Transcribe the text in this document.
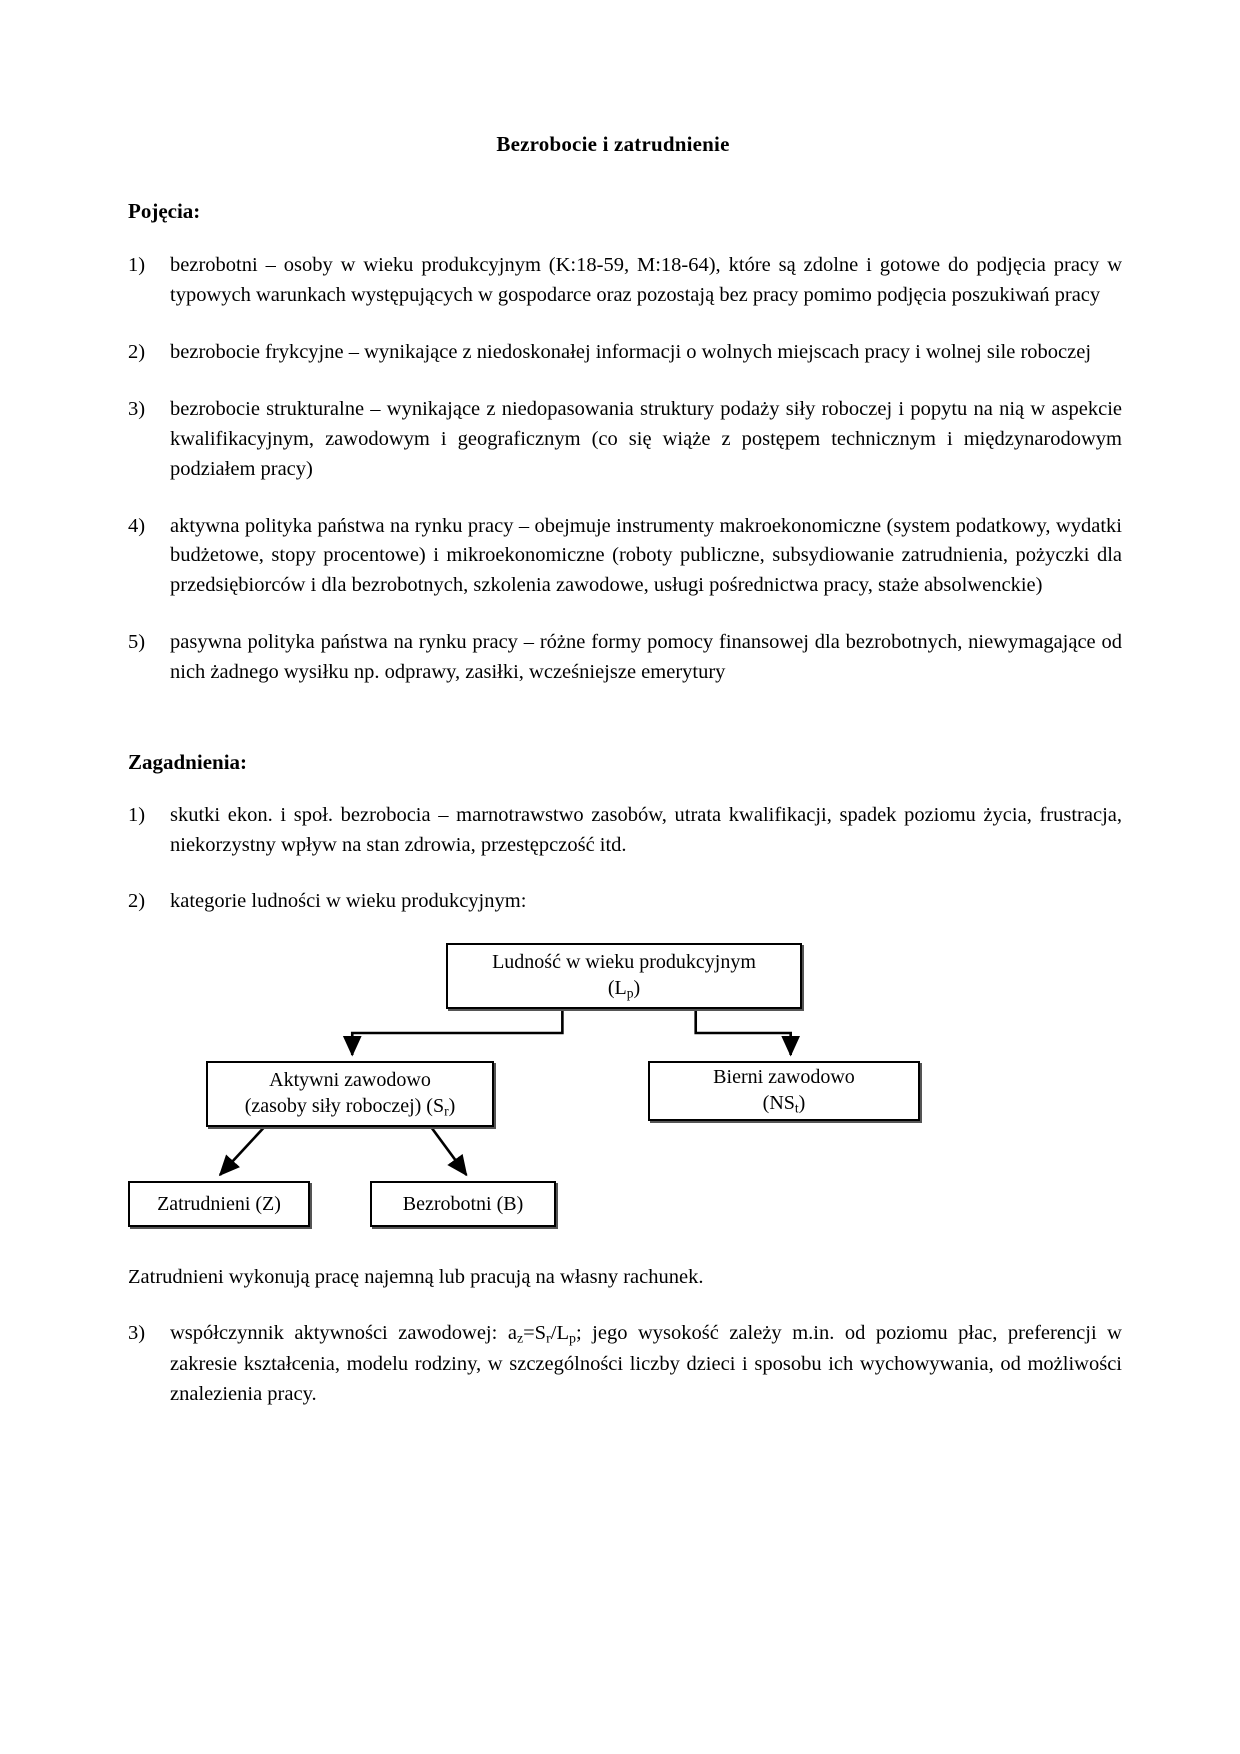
Bezrobocie i zatrudnienie
Pojęcia:
1)	bezrobotni – osoby w wieku produkcyjnym (K:18-59, M:18-64), które są zdolne i gotowe do podjęcia pracy w typowych warunkach występujących w gospodarce oraz pozostają bez pracy pomimo podjęcia poszukiwań pracy
2)	bezrobocie frykcyjne – wynikające z niedoskonałej informacji o wolnych miejscach pracy i wolnej sile roboczej
3)	bezrobocie strukturalne – wynikające z niedopasowania struktury podaży siły roboczej i popytu na nią w aspekcie kwalifikacyjnym, zawodowym i geograficznym (co się wiąże z postępem technicznym i międzynarodowym podziałem pracy)
4)	aktywna polityka państwa na rynku pracy – obejmuje instrumenty makroekonomiczne (system podatkowy, wydatki budżetowe, stopy procentowe) i mikroekonomiczne (roboty publiczne, subsydiowanie zatrudnienia, pożyczki dla przedsiębiorców i dla bezrobotnych, szkolenia zawodowe, usługi pośrednictwa pracy, staże absolwenckie)
5)	pasywna polityka państwa na rynku pracy – różne formy pomocy finansowej dla bezrobotnych, niewymagające od nich żadnego wysiłku np. odprawy, zasiłki, wcześniejsze emerytury
Zagadnienia:
1)	skutki ekon. i społ. bezrobocia – marnotrawstwo zasobów, utrata kwalifikacji, spadek poziomu życia, frustracja, niekorzystny wpływ na stan zdrowia, przestępczość itd.
2)	kategorie ludności w wieku produkcyjnym:
Ludność w wieku produkcyjnym
$(L_p)$
Aktywni zawodowo
(zasoby siły roboczej) $(S_r)$
Bierni zawodowo
$(NS_t)$
Zatrudnieni (Z)	Bezrobotni (B)

Zatrudnieni wykonują pracę najemną lub pracują na własny rachunek.

3)	współczynnik aktywności zawodowej: $a_z=S_r/L_p$; jego wysokość zależy m.in. od poziomu płac, preferencji w zakresie kształcenia, modelu rodziny, w szczególności liczby dzieci i sposobu ich wychowywania, od możliwości znalezienia pracy.
